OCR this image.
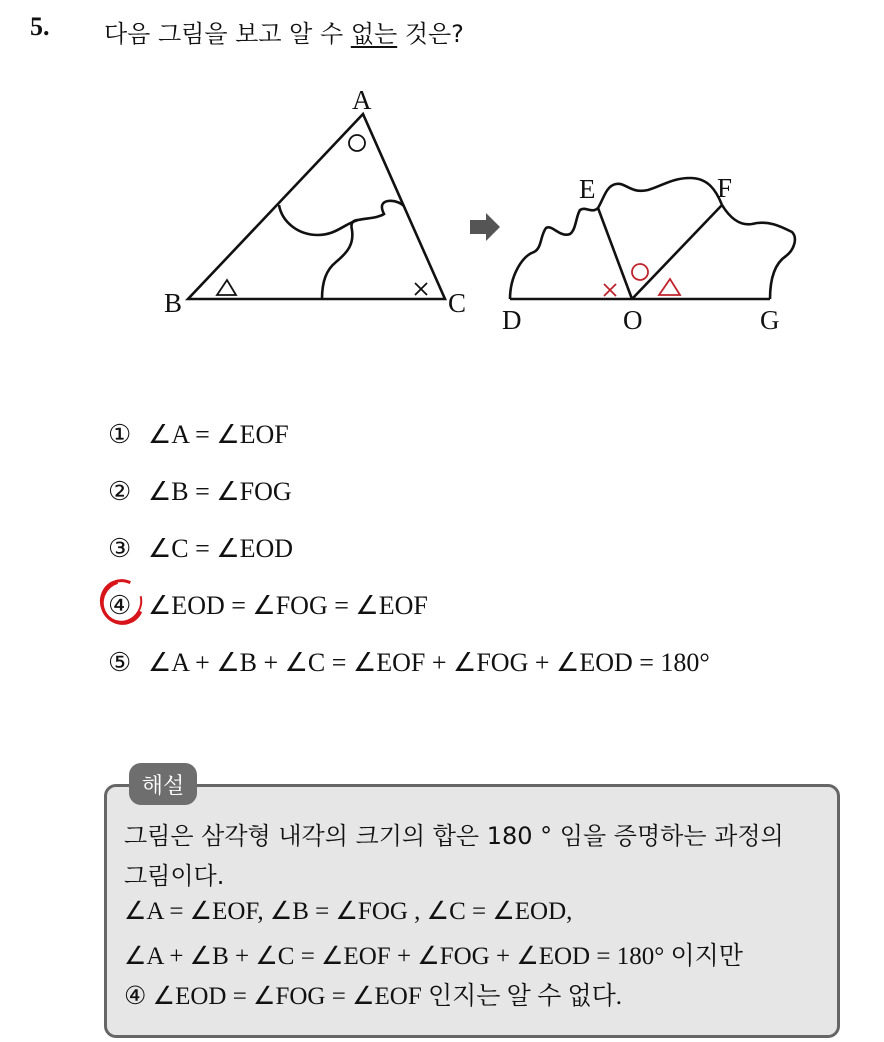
5. 다음 그림을 보고 알 수 없는 것은?
A
B	C
D
E	F
G
O
① ∠A = ∠EOF
② ∠B = ∠FOG
③ ∠C = ∠EOD
④ ∠EOD = ∠FOG = ∠EOF
⑤ ∠A + ∠B + ∠C = ∠EOF + ∠FOG + ∠EOD = 180°
해설
그림은 삼각형 내각의 크기의 합은 180 ° 임을 증명하는 과정의
그림이다.
∠A = ∠EOF, ∠B = ∠FOG , ∠C = ∠EOD,
∠A + ∠B + ∠C = ∠EOF + ∠FOG + ∠EOD = 180° 이지만
④ ∠EOD = ∠FOG = ∠EOF 인지는 알 수 없다.
